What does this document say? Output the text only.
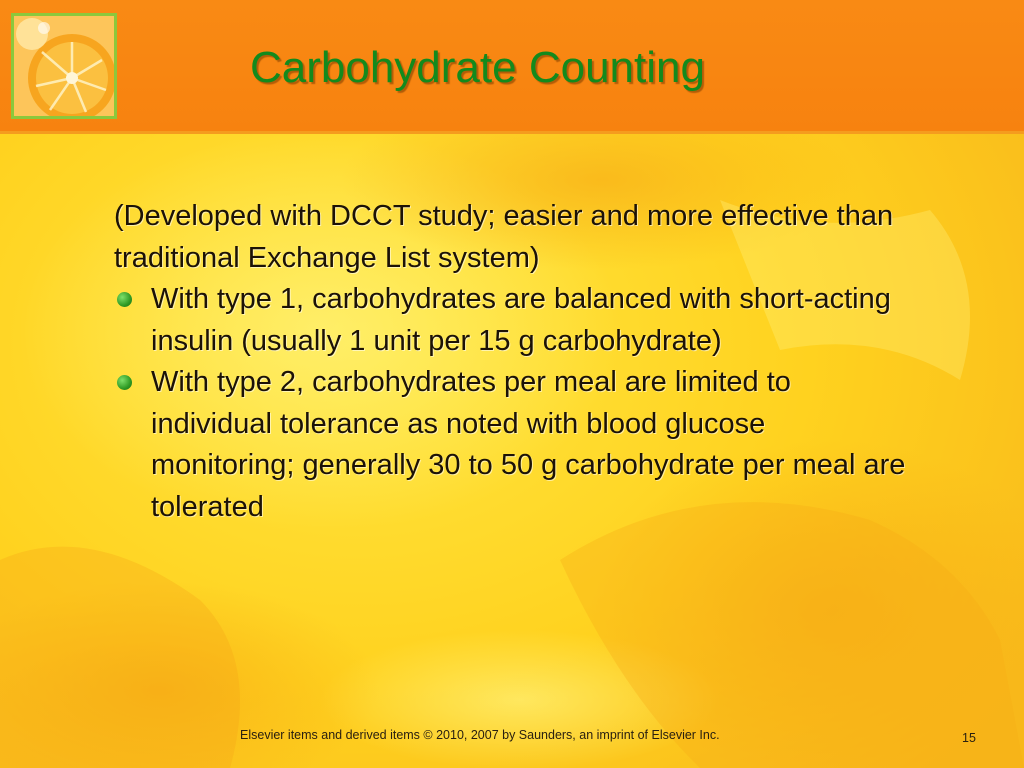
Carbohydrate Counting

(Developed with DCCT study; easier and more effective than traditional Exchange List system)

With type 1, carbohydrates are balanced with short-acting insulin (usually 1 unit per 15 g carbohydrate)

With type 2, carbohydrates per meal are limited to individual tolerance as noted with blood glucose monitoring; generally 30 to 50 g carbohydrate per meal are tolerated

Elsevier items and derived items © 2010, 2007 by Saunders, an imprint of Elsevier Inc.	15
